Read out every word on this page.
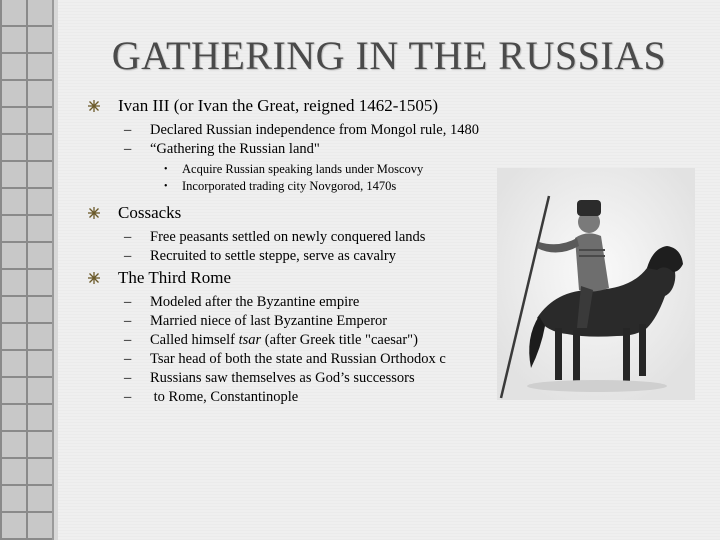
GATHERING IN THE RUSSIAS

Ivan III (or Ivan the Great, reigned 1462-1505)

– Declared Russian independence from Mongol rule, 1480

– “Gathering the Russian land"

• Acquire Russian speaking lands under Moscovy

• Incorporated trading city Novgorod, 1470s

Cossacks

– Free peasants settled on newly conquered lands

– Recruited to settle steppe, serve as cavalry

The Third Rome

– Modeled after the Byzantine empire

– Married niece of last Byzantine Emperor

– Called himself tsar (after Greek title "caesar")

– Tsar head of both the state and Russian Orthodox c

– Russians saw themselves as God’s successors

– to Rome, Constantinople
